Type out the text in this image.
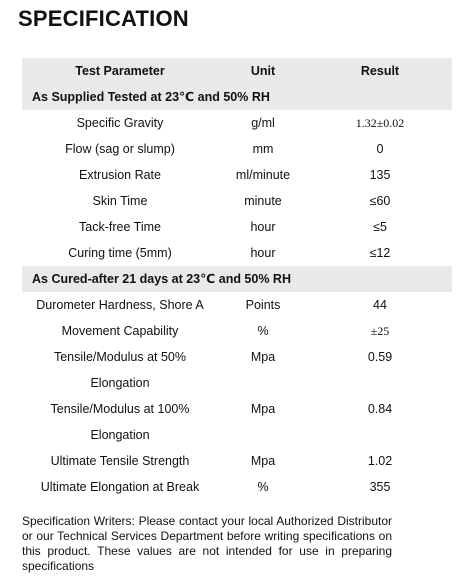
SPECIFICATION
Test Parameter	Unit	Result
As Supplied Tested at 23℃ and 50% RH
Specific Gravity	g/ml	1.32±0.02
Flow (sag or slump)	mm	0
Extrusion Rate	ml/minute	135
Skin Time	minute	≤60
Tack-free Time	hour	≤5
Curing time (5mm)	hour	≤12
As Cured-after 21 days at 23℃ and 50% RH
Durometer Hardness, Shore A	Points	44
Movement Capability	%	±25
Tensile/Modulus at 50%	Mpa	0.59
Elongation
Tensile/Modulus at 100%	Mpa	0.84
Elongation
Ultimate Tensile Strength	Mpa	1.02
Ultimate Elongation at Break	%	355
Specification Writers: Please contact your local Authorized Distributor or our Technical Services Department before writing specifications on this product. These values are not intended for use in preparing specifications
